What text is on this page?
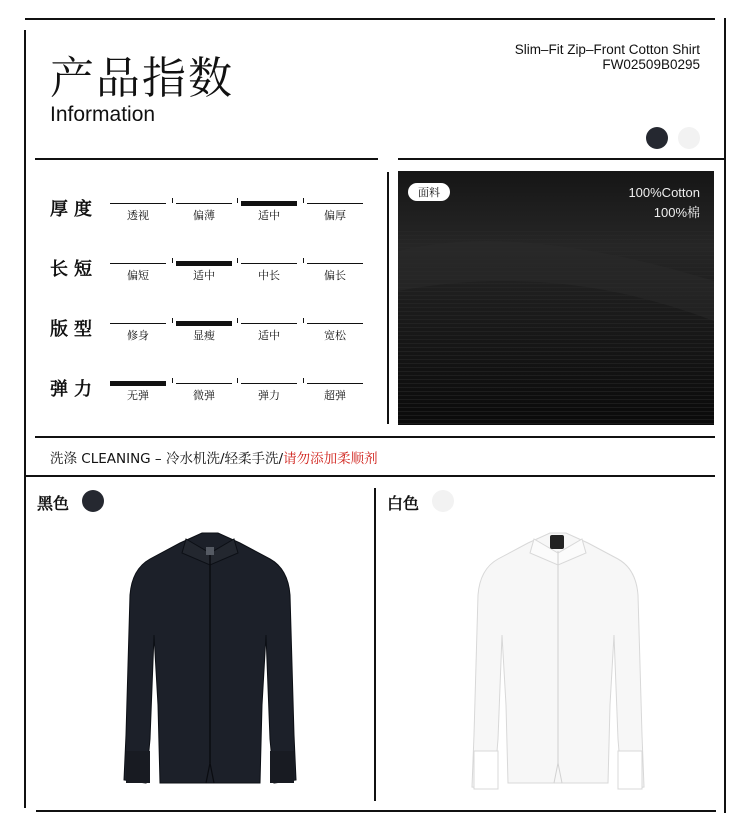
产品指数
Information
Slim–Fit Zip–Front Cotton Shirt
FW02509B0295
厚度	透视	偏薄	适中	偏厚
长短	偏短	适中	中长	偏长
版型	修身	显瘦	适中	宽松
弹力	无弹	微弹	弹力	超弹
面料	100%Cotton
100%棉
洗涤 CLEANING – 冷水机洗/轻柔手洗/请勿添加柔顺剂
黑色	白色
